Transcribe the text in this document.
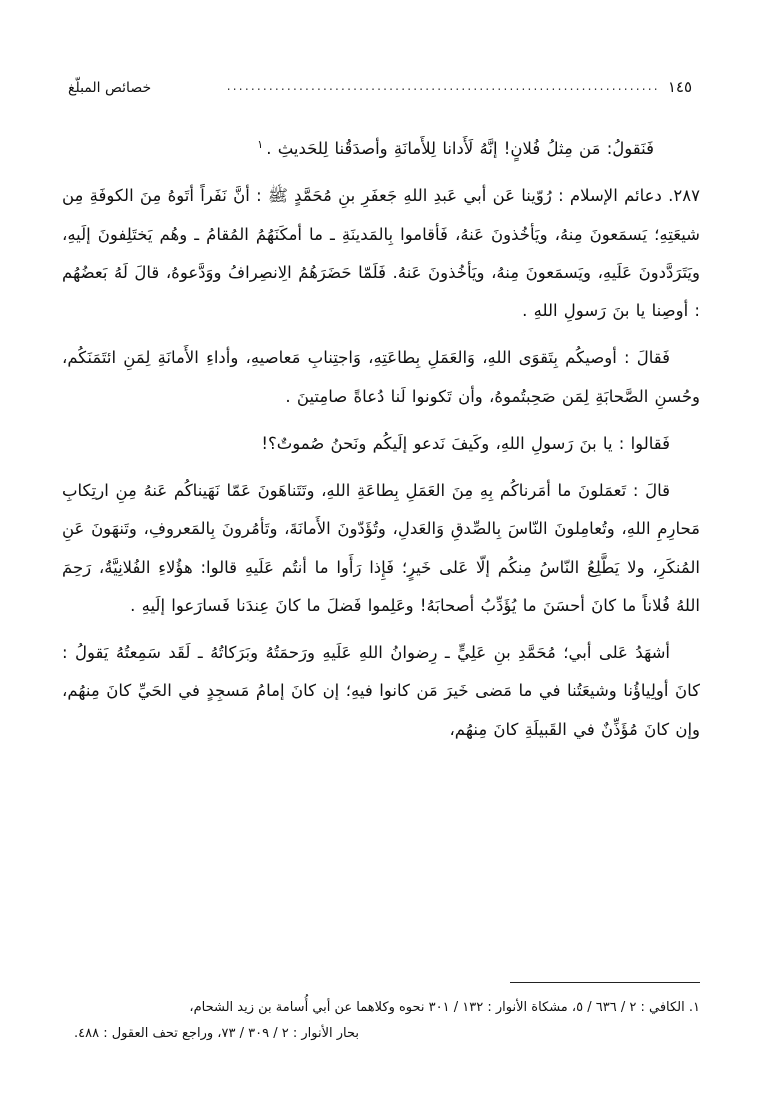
خصائص المبلّغ	........................................................................ ١٤٥

فَنَقولُ: مَن مِثلُ فُلانٍ! إنَّهُ لَأَدانا لِلأَمانَةِ وأصدَقُنا لِلحَديثِ .$^١$

٢٨٧. دعائم الإسلام : رُوّينا عَن أبي عَبدِ اللهِ جَعفَرِ بنِ مُحَمَّدٍ ﷺ : أنَّ نَفَراً أتَوهُ مِنَ الكوفَةِ مِن شيعَتِهِ؛ يَسمَعونَ مِنهُ، ويَأخُذونَ عَنهُ، فَأقاموا بِالمَدينَةِ ـ ما أمكَنَهُمُ المُقامُ ـ وهُم يَختَلِفونَ إلَيهِ، ويَتَرَدَّدونَ عَلَيهِ، ويَسمَعونَ مِنهُ، ويَأخُذونَ عَنهُ. فَلَمّا حَضَرَهُمُ الِانصِرافُ ووَدَّعوهُ، قالَ لَهُ بَعضُهُم : أوصِنا يا بنَ رَسولِ اللهِ .

فَقالَ : أوصيكُم بِتَقوَى اللهِ، وَالعَمَلِ بِطاعَتِهِ، وَاجتِنابِ مَعاصيهِ، وأداءِ الأَمانَةِ لِمَنِ ائتَمَنَكُم، وحُسنِ الصَّحابَةِ لِمَن صَحِبتُموهُ، وأن تَكونوا لَنا دُعاةً صامِتينَ .

فَقالوا : يا بنَ رَسولِ اللهِ، وكَيفَ نَدعو إلَيكُم ونَحنُ صُموتٌ؟!

قالَ : تَعمَلونَ ما أمَرناكُم بِهِ مِنَ العَمَلِ بِطاعَةِ اللهِ، وتَتَناهَونَ عَمّا نَهَيناكُم عَنهُ مِنِ ارتِكابِ مَحارِمِ اللهِ، وتُعامِلونَ النّاسَ بِالصِّدقِ وَالعَدلِ، وتُؤَدّونَ الأَمانَةَ، وتَأمُرونَ بِالمَعروفِ، وتَنهَونَ عَنِ المُنكَرِ، ولا يَطَّلِعُ النّاسُ مِنكُم إلّا عَلى خَيرٍ؛ فَإِذا رَأَوا ما أنتُم عَلَيهِ قالوا: هؤُلاءِ الفُلانِيَّةُ، رَحِمَ اللهُ فُلاناً ما كانَ أحسَنَ ما يُؤَدِّبُ أصحابَهُ! وعَلِموا فَضلَ ما كانَ عِندَنا فَسارَعوا إلَيهِ .

أشهَدُ عَلى أبي؛ مُحَمَّدِ بنِ عَلِيٍّ ـ رِضوانُ اللهِ عَلَيهِ ورَحمَتُهُ وبَرَكاتُهُ ـ لَقَد سَمِعتُهُ يَقولُ : كانَ أولِياؤُنا وشيعَتُنا في ما مَضى خَيرَ مَن كانوا فيهِ؛ إن كانَ إمامُ مَسجِدٍ في الحَيِّ كانَ مِنهُم، وإن كانَ مُؤَذِّنٌ في القَبيلَةِ كانَ مِنهُم،

١. الكافي : ٢ / ٦٣٦ / ٥، مشكاة الأنوار : ١٣٢ / ٣٠١ نحوه وكلاهما عن أبي أُسامة بن زيد الشحام،
بحار الأنوار : ٢ / ٣٠٩ / ٧٣، وراجع تحف العقول : ٤٨٨.
